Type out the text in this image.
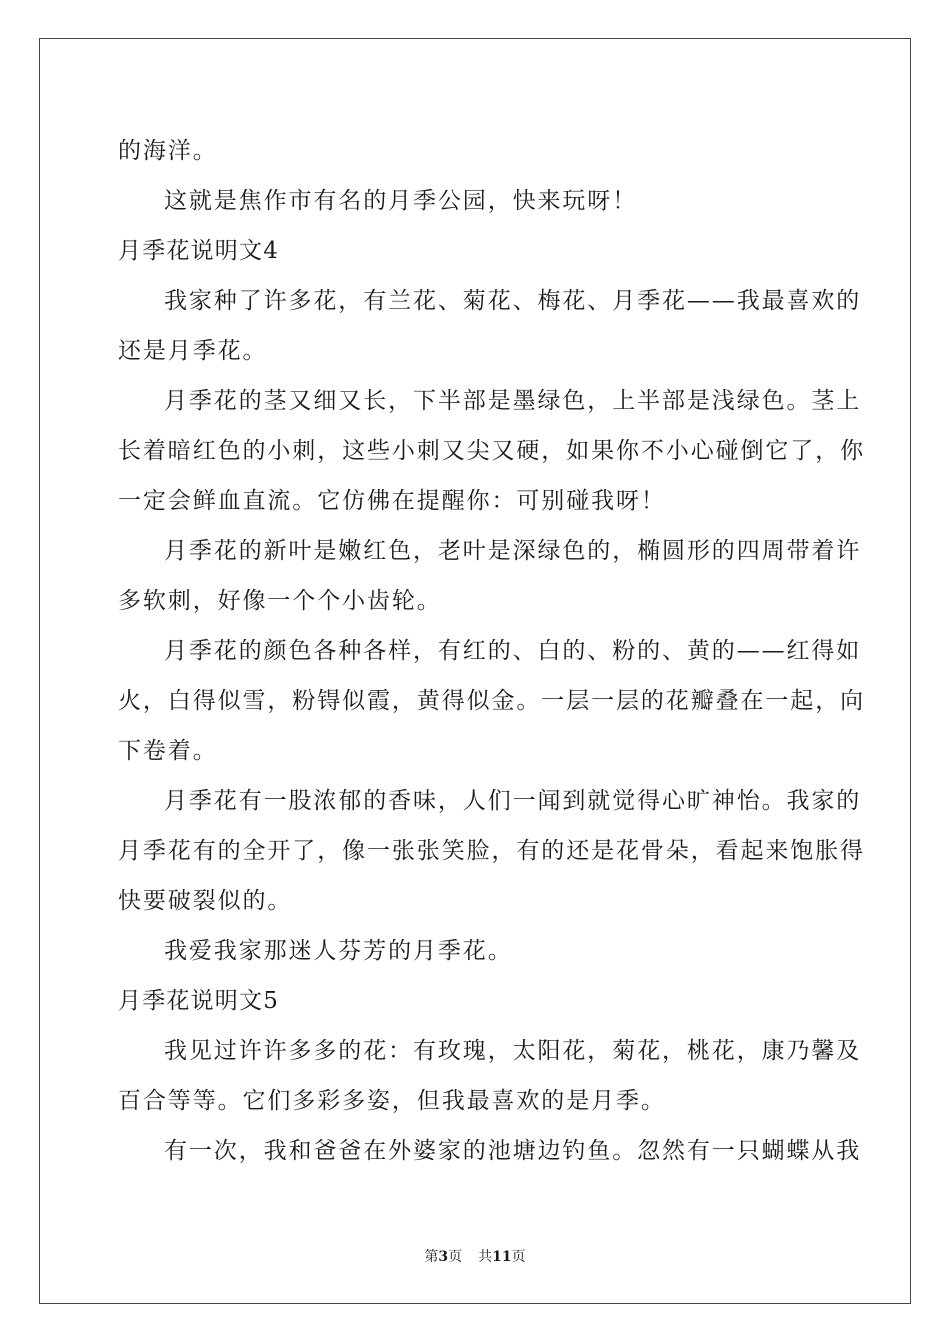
的海洋。
这就是焦作市有名的月季公园，快来玩呀！
月季花说明文4
我家种了许多花，有兰花、菊花、梅花、月季花——我最喜欢的
还是月季花。
月季花的茎又细又长，下半部是墨绿色，上半部是浅绿色。茎上
长着暗红色的小刺，这些小刺又尖又硬，如果你不小心碰倒它了，你
一定会鲜血直流。它仿佛在提醒你：可别碰我呀！
月季花的新叶是嫩红色，老叶是深绿色的，椭圆形的四周带着许
多软刺，好像一个个小齿轮。
月季花的颜色各种各样，有红的、白的、粉的、黄的——红得如
火，白得似雪，粉锝似霞，黄得似金。一层一层的花瓣叠在一起，向
下卷着。
月季花有一股浓郁的香味，人们一闻到就觉得心旷神怡。我家的
月季花有的全开了，像一张张笑脸，有的还是花骨朵，看起来饱胀得
快要破裂似的。
我爱我家那迷人芬芳的月季花。
月季花说明文5
我见过许许多多的花：有玫瑰，太阳花，菊花，桃花，康乃馨及
百合等等。它们多彩多姿，但我最喜欢的是月季。
有一次，我和爸爸在外婆家的池塘边钓鱼。忽然有一只蝴蝶从我
第3页 共11页
